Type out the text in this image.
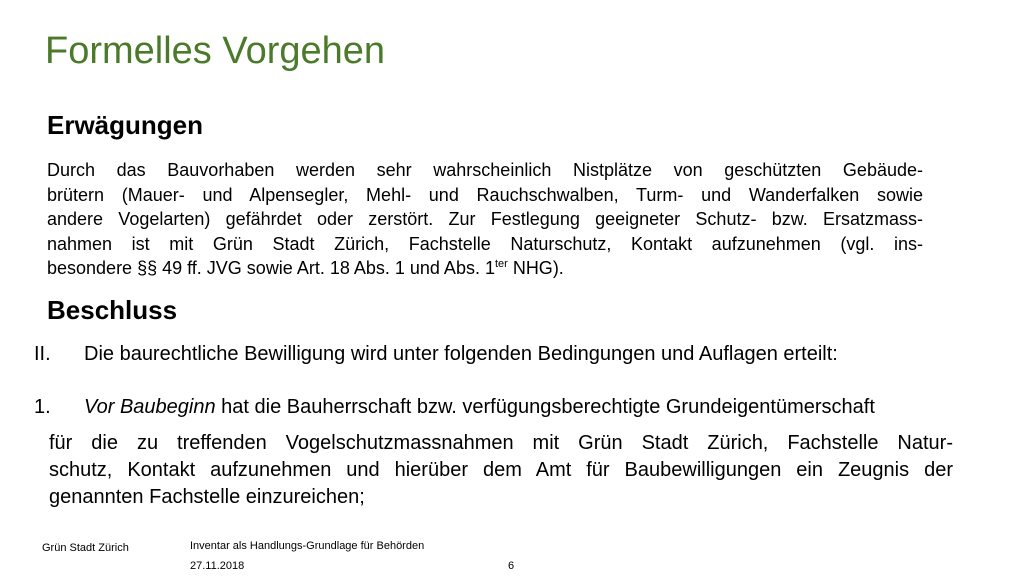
Formelles Vorgehen
Erwägungen
Durch das Bauvorhaben werden sehr wahrscheinlich Nistplätze von geschützten Gebäude-
brütern (Mauer- und Alpensegler, Mehl- und Rauchschwalben, Turm- und Wanderfalken sowie
andere Vogelarten) gefährdet oder zerstört. Zur Festlegung geeigneter Schutz- bzw. Ersatzmass-
nahmen ist mit Grün Stadt Zürich, Fachstelle Naturschutz, Kontakt aufzunehmen (vgl. ins-
besondere §§ 49 ff. JVG sowie Art. 18 Abs. 1 und Abs. $1^{ter}$ NHG).
Beschluss
II. Die baurechtliche Bewilligung wird unter folgenden Bedingungen und Auflagen erteilt:
1. Vor Baubeginn hat die Bauherrschaft bzw. verfügungsberechtigte Grundeigentümerschaft
für die zu treffenden Vogelschutzmassnahmen mit Grün Stadt Zürich, Fachstelle Natur-
schutz, Kontakt aufzunehmen und hierüber dem Amt für Baubewilligungen ein Zeugnis der
genannten Fachstelle einzureichen;
Grün Stadt Zürich	Inventar als Handlungs-Grundlage für Behörden
27.11.2018	6
